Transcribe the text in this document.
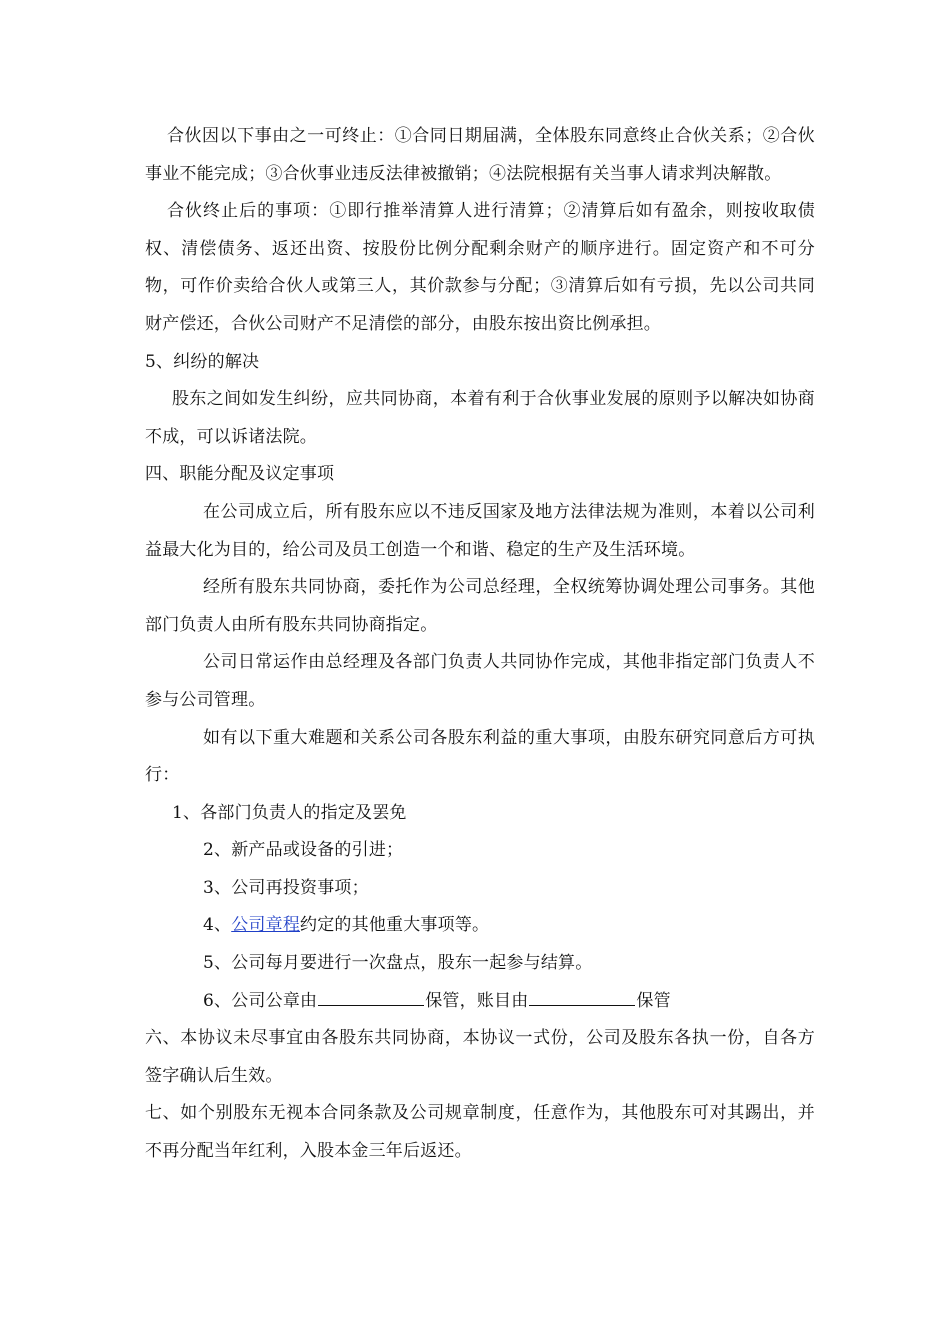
合伙因以下事由之一可终止：①合同日期届满，全体股东同意终止合伙关系；②合伙事业不能完成；③合伙事业违反法律被撤销；④法院根据有关当事人请求判决解散。

合伙终止后的事项：①即行推举清算人进行清算；②清算后如有盈余，则按收取债权、清偿债务、返还出资、按股份比例分配剩余财产的顺序进行。固定资产和不可分物，可作价卖给合伙人或第三人，其价款参与分配；③清算后如有亏损，先以公司共同财产偿还，合伙公司财产不足清偿的部分，由股东按出资比例承担。

5、纠纷的解决

股东之间如发生纠纷，应共同协商，本着有利于合伙事业发展的原则予以解决如协商不成，可以诉诸法院。

四、职能分配及议定事项

在公司成立后，所有股东应以不违反国家及地方法律法规为准则，本着以公司利益最大化为目的，给公司及员工创造一个和谐、稳定的生产及生活环境。

经所有股东共同协商，委托作为公司总经理，全权统筹协调处理公司事务。其他部门负责人由所有股东共同协商指定。

公司日常运作由总经理及各部门负责人共同协作完成，其他非指定部门负责人不参与公司管理。

如有以下重大难题和关系公司各股东利益的重大事项，由股东研究同意后方可执行：

1、各部门负责人的指定及罢免

2、新产品或设备的引进；

3、公司再投资事项；

4、公司章程约定的其他重大事项等。

5、公司每月要进行一次盘点，股东一起参与结算。

6、公司公章由	保管，账目由	保管

六、本协议未尽事宜由各股东共同协商，本协议一式份，公司及股东各执一份，自各方签字确认后生效。

七、如个别股东无视本合同条款及公司规章制度，任意作为，其他股东可对其踢出，并不再分配当年红利，入股本金三年后返还。
